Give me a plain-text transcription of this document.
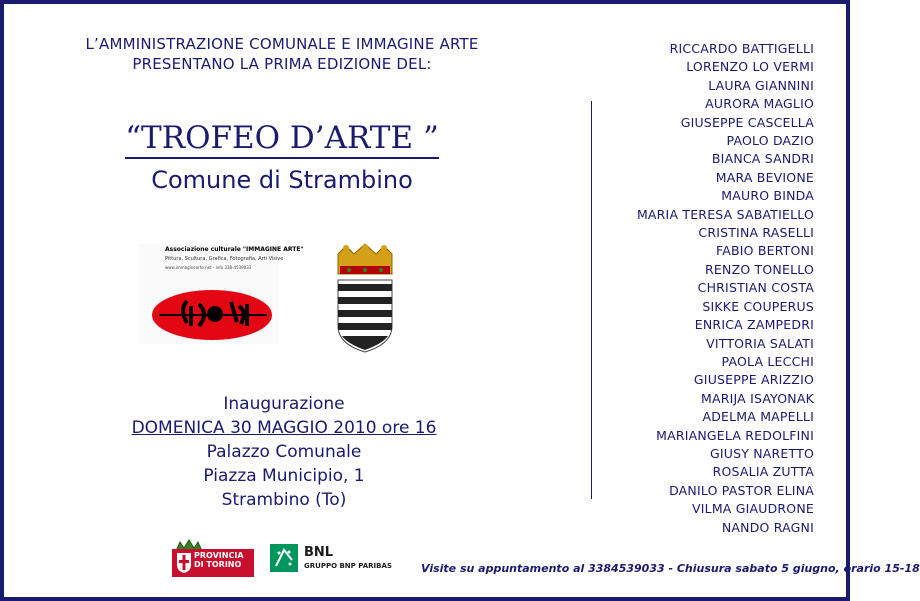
L’AMMINISTRAZIONE COMUNALE E IMMAGINE ARTE
PRESENTANO LA PRIMA EDIZIONE DEL:
“TROFEO D’ARTE ”
Comune di Strambino
Associazione culturale "IMMAGINE ARTE"
Pittura, Scultura, Grafica, Fotografia, Arti Visive
www.immaginearte.net - info 338-4539033
Inaugurazione
DOMENICA 30 MAGGIO 2010 ore 16
Palazzo Comunale
Piazza Municipio, 1
Strambino (To)
RICCARDO BATTIGELLI
LORENZO LO VERMI
LAURA GIANNINI
AURORA MAGLIO
GIUSEPPE CASCELLA
PAOLO DAZIO
BIANCA SANDRI
MARA BEVIONE
MAURO BINDA
MARIA TERESA SABATIELLO
CRISTINA RASELLI
FABIO BERTONI
RENZO TONELLO
CHRISTIAN COSTA
SIKKE COUPERUS
ENRICA ZAMPEDRI
VITTORIA SALATI
PAOLA LECCHI
GIUSEPPE ARIZZIO
MARIJA ISAYONAK
ADELMA MAPELLI
MARIANGELA REDOLFINI
GIUSY NARETTO
ROSALIA ZUTTA
DANILO PASTOR ELINA
VILMA GIAUDRONE
NANDO RAGNI
PROVINCIA
DI TORINO
BNL
GRUPPO BNP PARIBAS	Visite su appuntamento al 3384539033 - Chiusura sabato 5 giugno, orario 15-18
